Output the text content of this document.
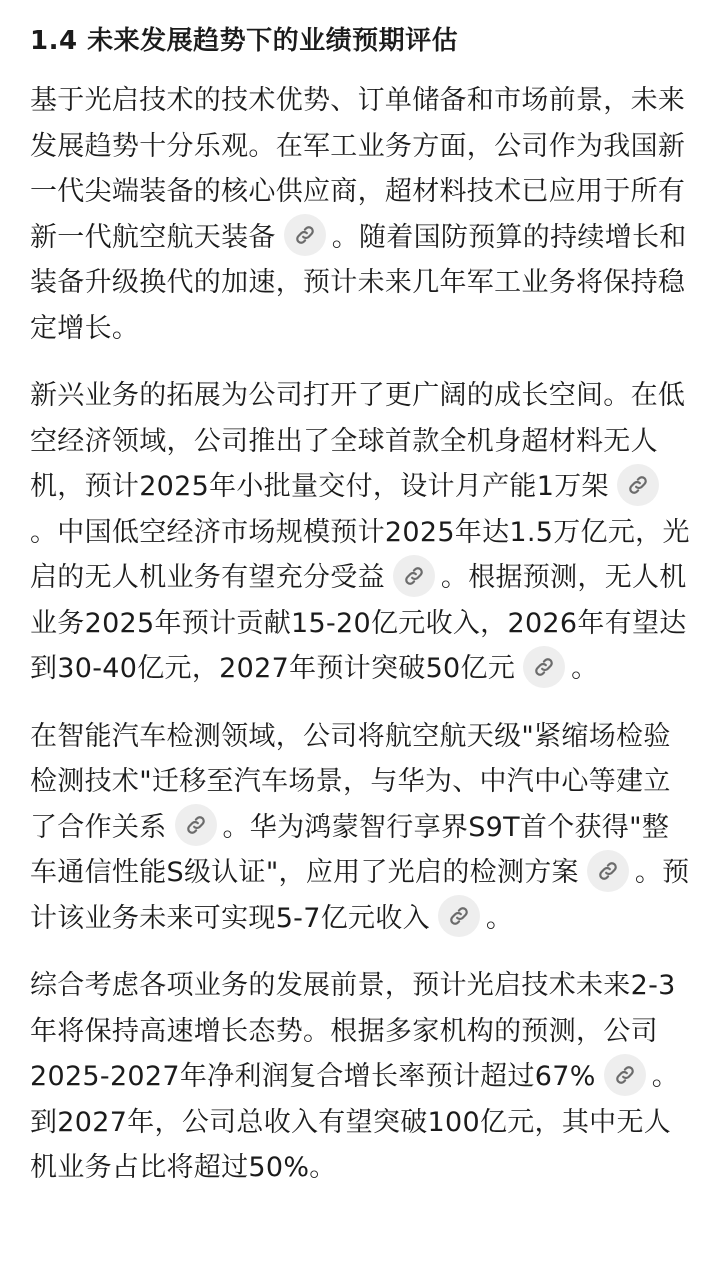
1.4 未来发展趋势下的业绩预期评估

基于光启技术的技术优势、订单储备和市场前景，未来发展趋势十分乐观。在军工业务方面，公司作为我国新一代尖端装备的核心供应商，超材料技术已应用于所有新一代航空航天装备 。随着国防预算的持续增长和装备升级换代的加速，预计未来几年军工业务将保持稳定增长。

新兴业务的拓展为公司打开了更广阔的成长空间。在低空经济领域，公司推出了全球首款全机身超材料无人机，预计2025年小批量交付，设计月产能1万架
。中国低空经济市场规模预计2025年达1.5万亿元，光启的无人机业务有望充分受益 。根据预测，无人机业务2025年预计贡献15-20亿元收入，2026年有望达到30-40亿元，2027年预计突破50亿元 。

在智能汽车检测领域，公司将航空航天级"紧缩场检验检测技术"迁移至汽车场景，与华为、中汽中心等建立了合作关系 。华为鸿蒙智行享界S9T首个获得"整车通信性能S级认证"，应用了光启的检测方案 。预计该业务未来可实现5-7亿元收入 。

综合考虑各项业务的发展前景，预计光启技术未来2-3年将保持高速增长态势。根据多家机构的预测，公司2025-2027年净利润复合增长率预计超过67% 。到2027年，公司总收入有望突破100亿元，其中无人机业务占比将超过50%。
